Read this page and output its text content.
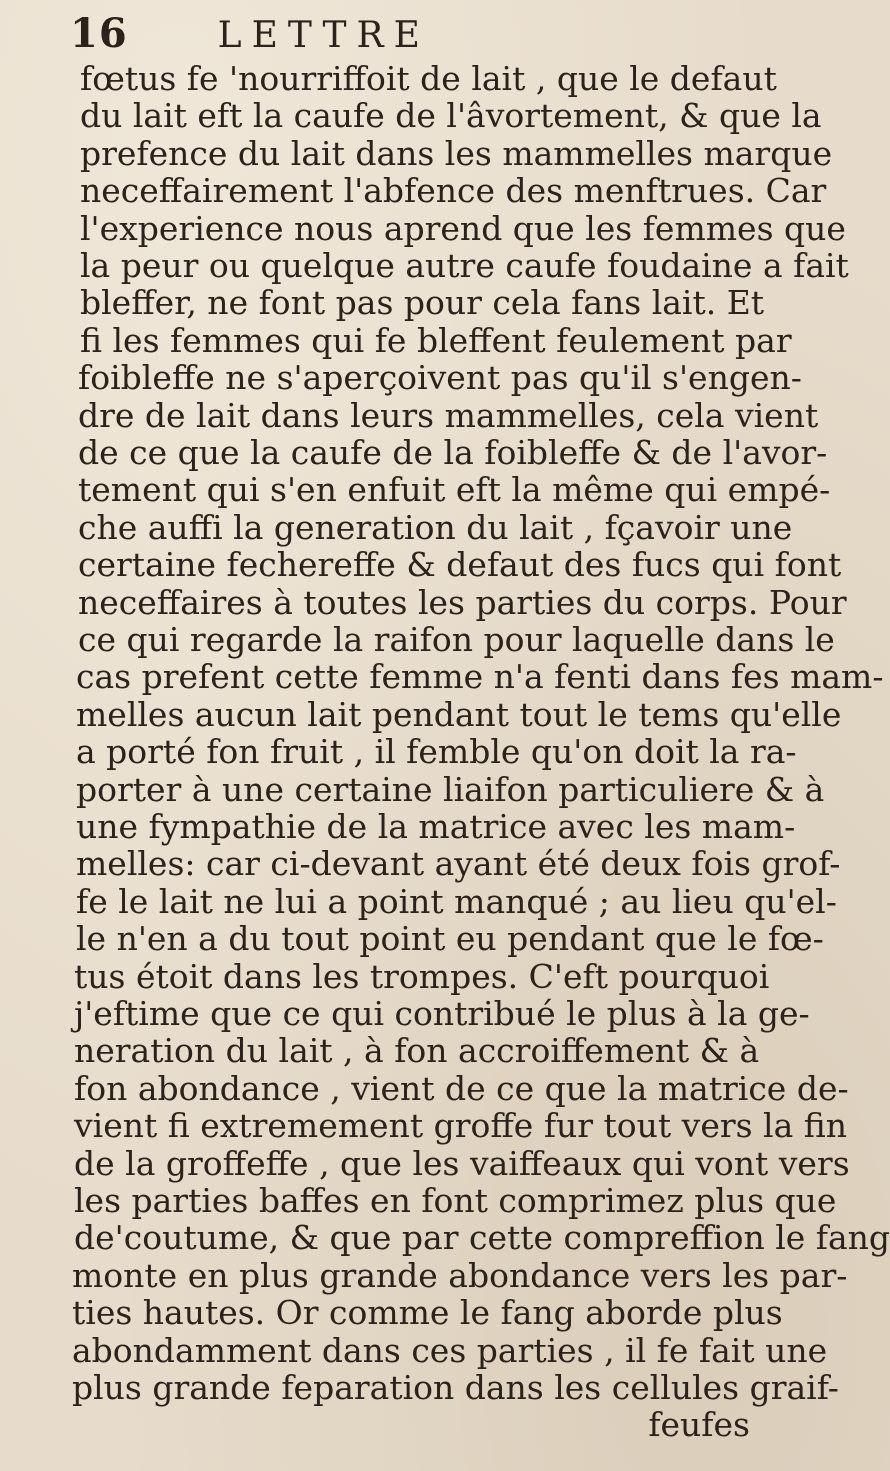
16	LETTRE
fœtus fe 'nourriffoit de lait , que le defaut
du lait eft la caufe de l'âvortement, & que la
prefence du lait dans les mammelles marque
neceffairement l'abfence des menftrues. Car
l'experience nous aprend que les femmes que
la peur ou quelque autre caufe foudaine a fait
bleffer, ne font pas pour cela fans lait. Et
fi les femmes qui fe bleffent feulement par
foibleffe ne s'aperçoivent pas qu'il s'engen-
dre de lait dans leurs mammelles, cela vient
de ce que la caufe de la foibleffe & de l'avor-
tement qui s'en enfuit eft la même qui empé-
che auffi la generation du lait , fçavoir une
certaine fechereffe & defaut des fucs qui font
neceffaires à toutes les parties du corps. Pour
ce qui regarde la raifon pour laquelle dans le
cas prefent cette femme n'a fenti dans fes mam-
melles aucun lait pendant tout le tems qu'elle
a porté fon fruit , il femble qu'on doit la ra-
porter à une certaine liaifon particuliere & à
une fympathie de la matrice avec les mam-
melles: car ci-devant ayant été deux fois grof-
fe le lait ne lui a point manqué ; au lieu qu'el-
le n'en a du tout point eu pendant que le fœ-
tus étoit dans les trompes. C'eft pourquoi
j'eftime que ce qui contribué le plus à la ge-
neration du lait , à fon accroiffement & à
fon abondance , vient de ce que la matrice de-
vient fi extremement groffe fur tout vers la fin
de la groffeffe , que les vaiffeaux qui vont vers
les parties baffes en font comprimez plus que
de'coutume, & que par cette compreffion le fang
monte en plus grande abondance vers les par-
ties hautes. Or comme le fang aborde plus
abondamment dans ces parties , il fe fait une
plus grande feparation dans les cellules graif-
feufes
